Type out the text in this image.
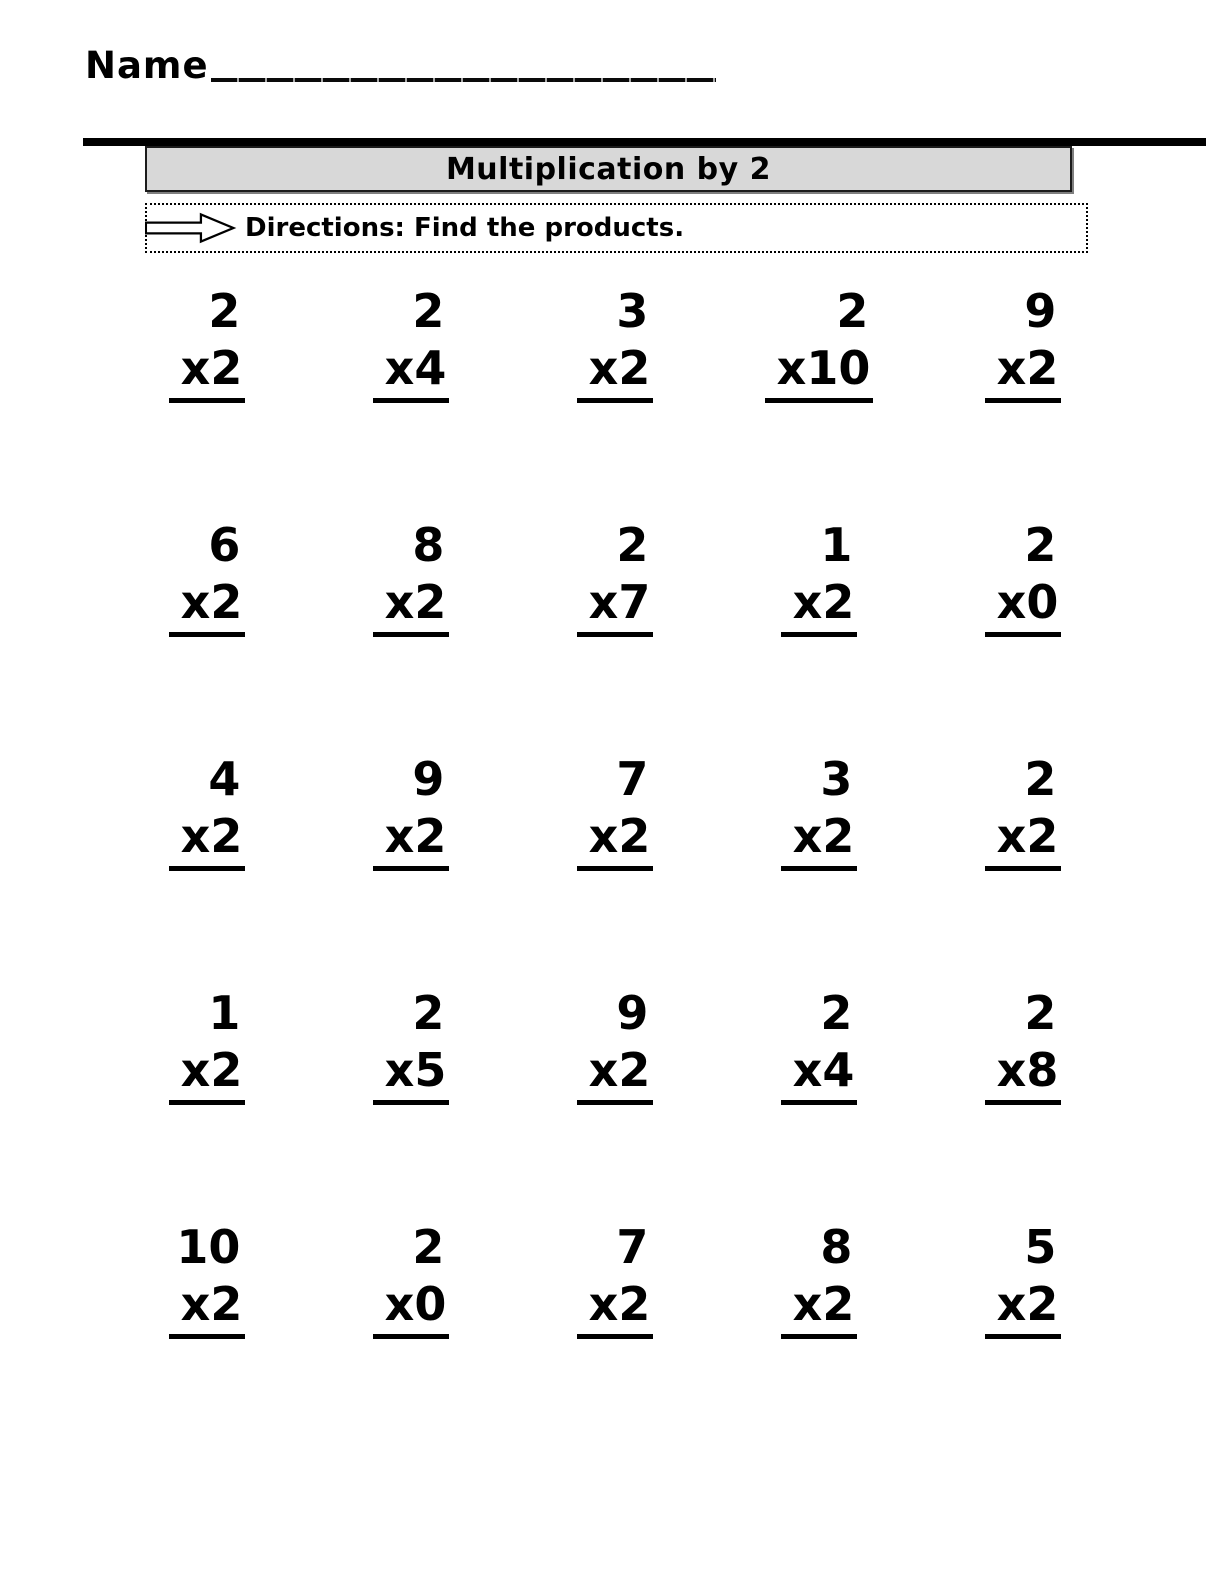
Name
Multiplication by 2
Directions: Find the products.
2
x2
2
x4
3
x2
2
x10
9
x2
6
x2
8
x2
2
x7
1
x2
2
x0
4
x2
9
x2
7
x2
3
x2
2
x2
1
x2
2
x5
9
x2
2
x4
2
x8
10
x2
2
x0
7
x2
8
x2
5
x2
